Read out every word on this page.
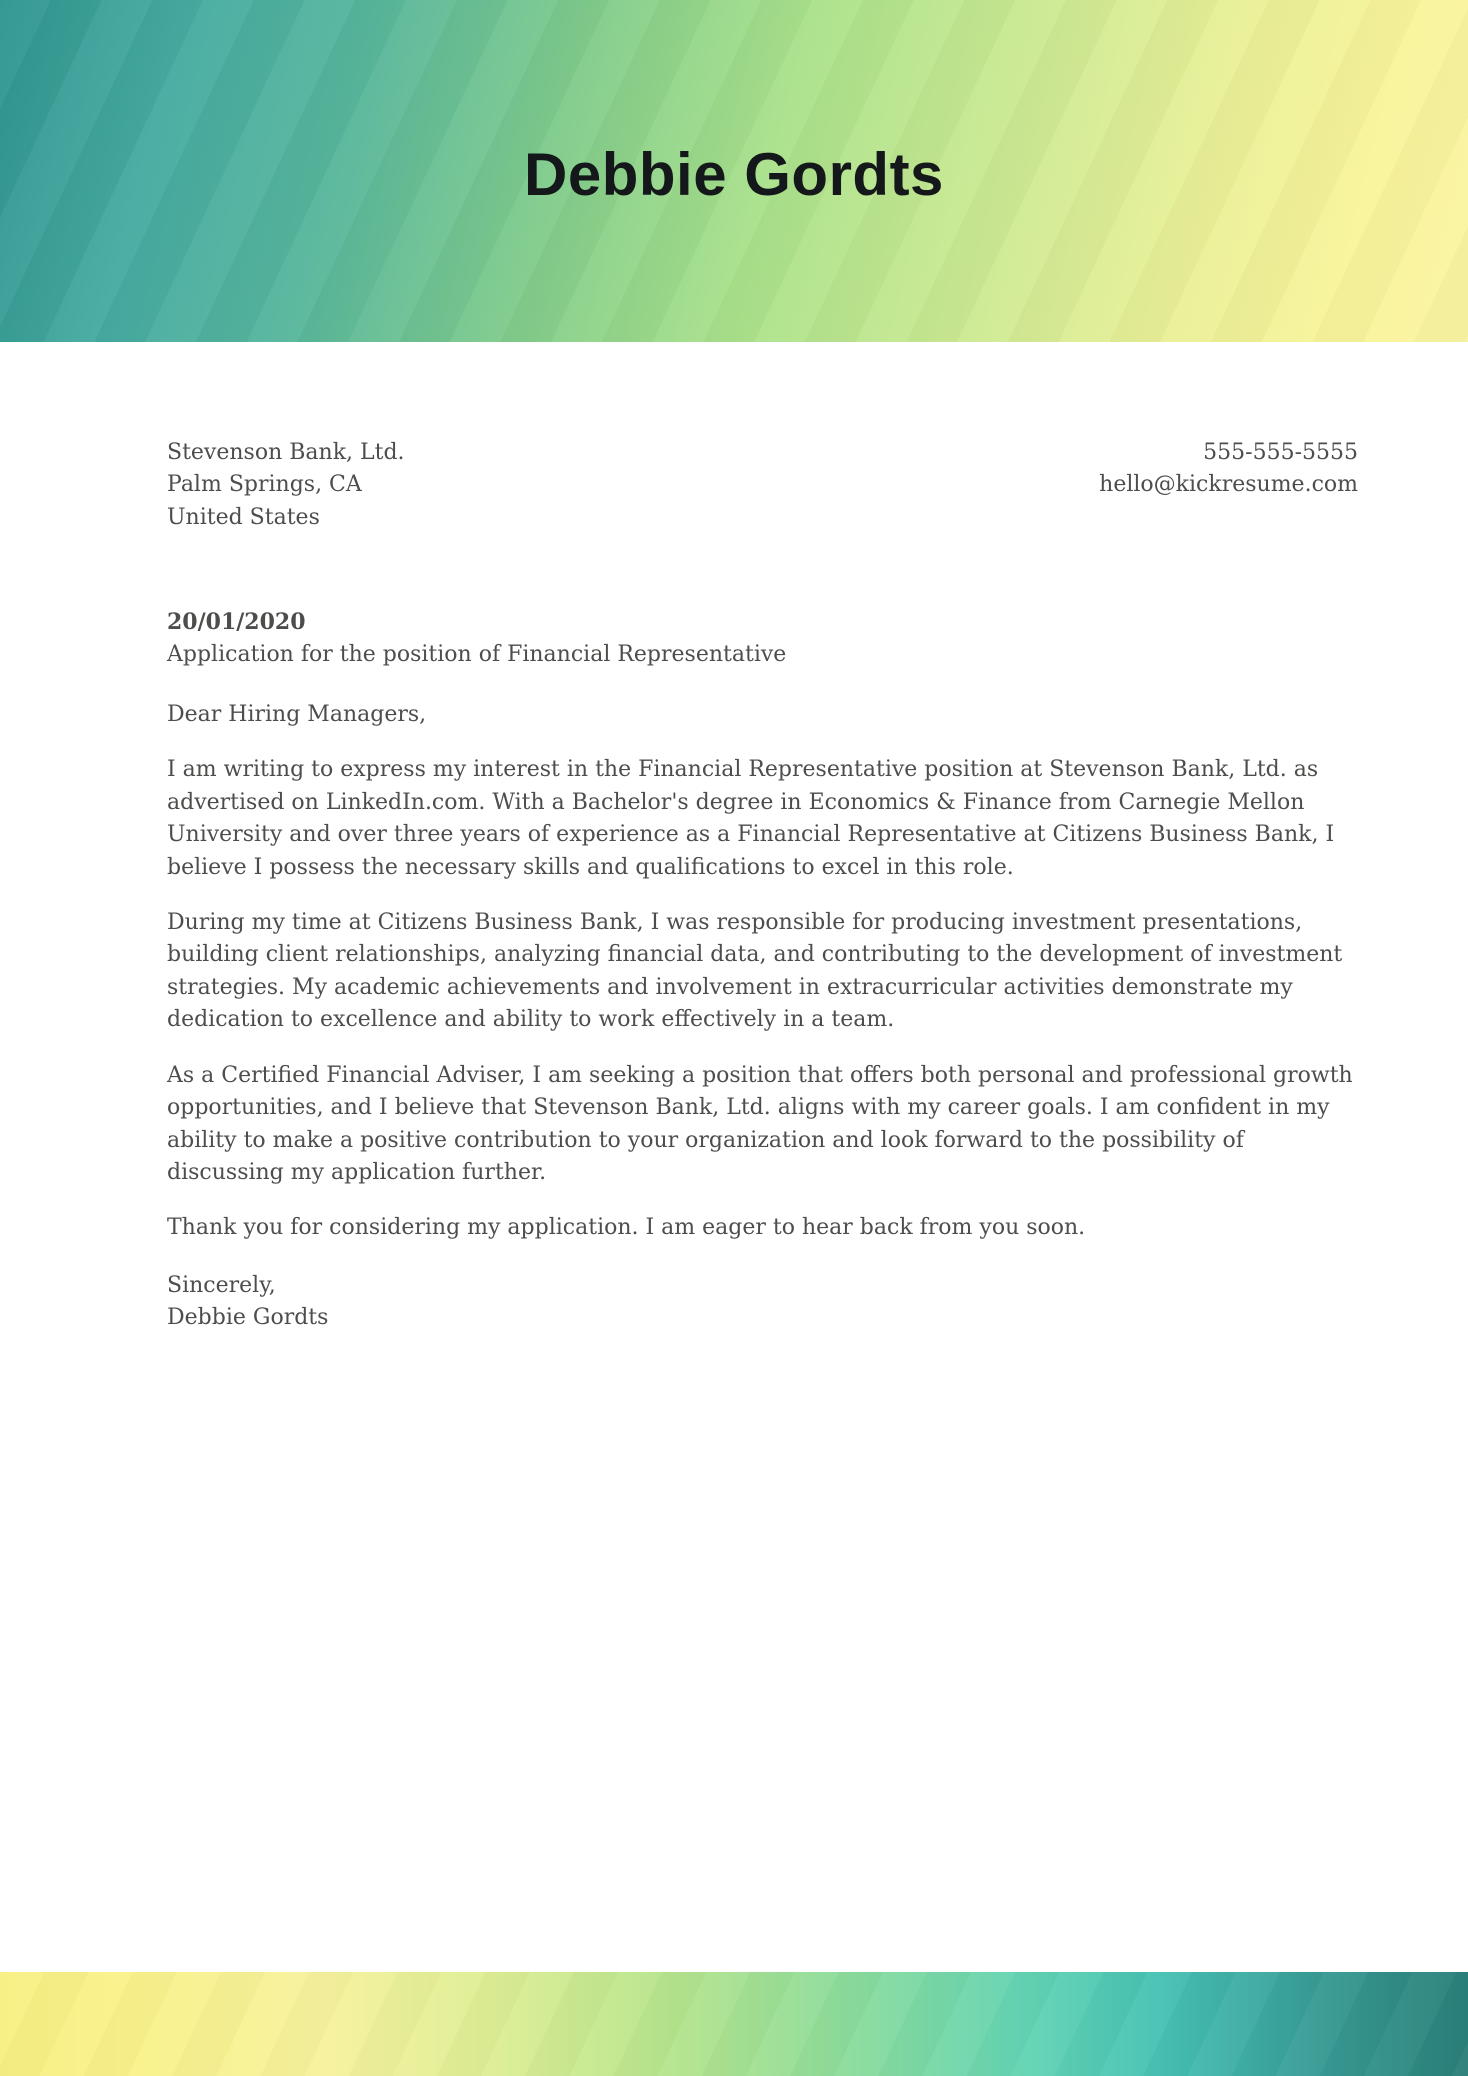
Debbie Gordts
Stevenson Bank, Ltd.
Palm Springs, CA
United States
555-555-5555
hello@kickresume.com
20/01/2020
Application for the position of Financial Representative

Dear Hiring Managers,

I am writing to express my interest in the Financial Representative position at Stevenson Bank, Ltd. as advertised on LinkedIn.com. With a Bachelor's degree in Economics & Finance from Carnegie Mellon University and over three years of experience as a Financial Representative at Citizens Business Bank, I believe I possess the necessary skills and qualifications to excel in this role.

During my time at Citizens Business Bank, I was responsible for producing investment presentations, building client relationships, analyzing financial data, and contributing to the development of investment strategies. My academic achievements and involvement in extracurricular activities demonstrate my dedication to excellence and ability to work effectively in a team.

As a Certified Financial Adviser, I am seeking a position that offers both personal and professional growth opportunities, and I believe that Stevenson Bank, Ltd. aligns with my career goals. I am confident in my ability to make a positive contribution to your organization and look forward to the possibility of discussing my application further.

Thank you for considering my application. I am eager to hear back from you soon.

Sincerely,
Debbie Gordts
